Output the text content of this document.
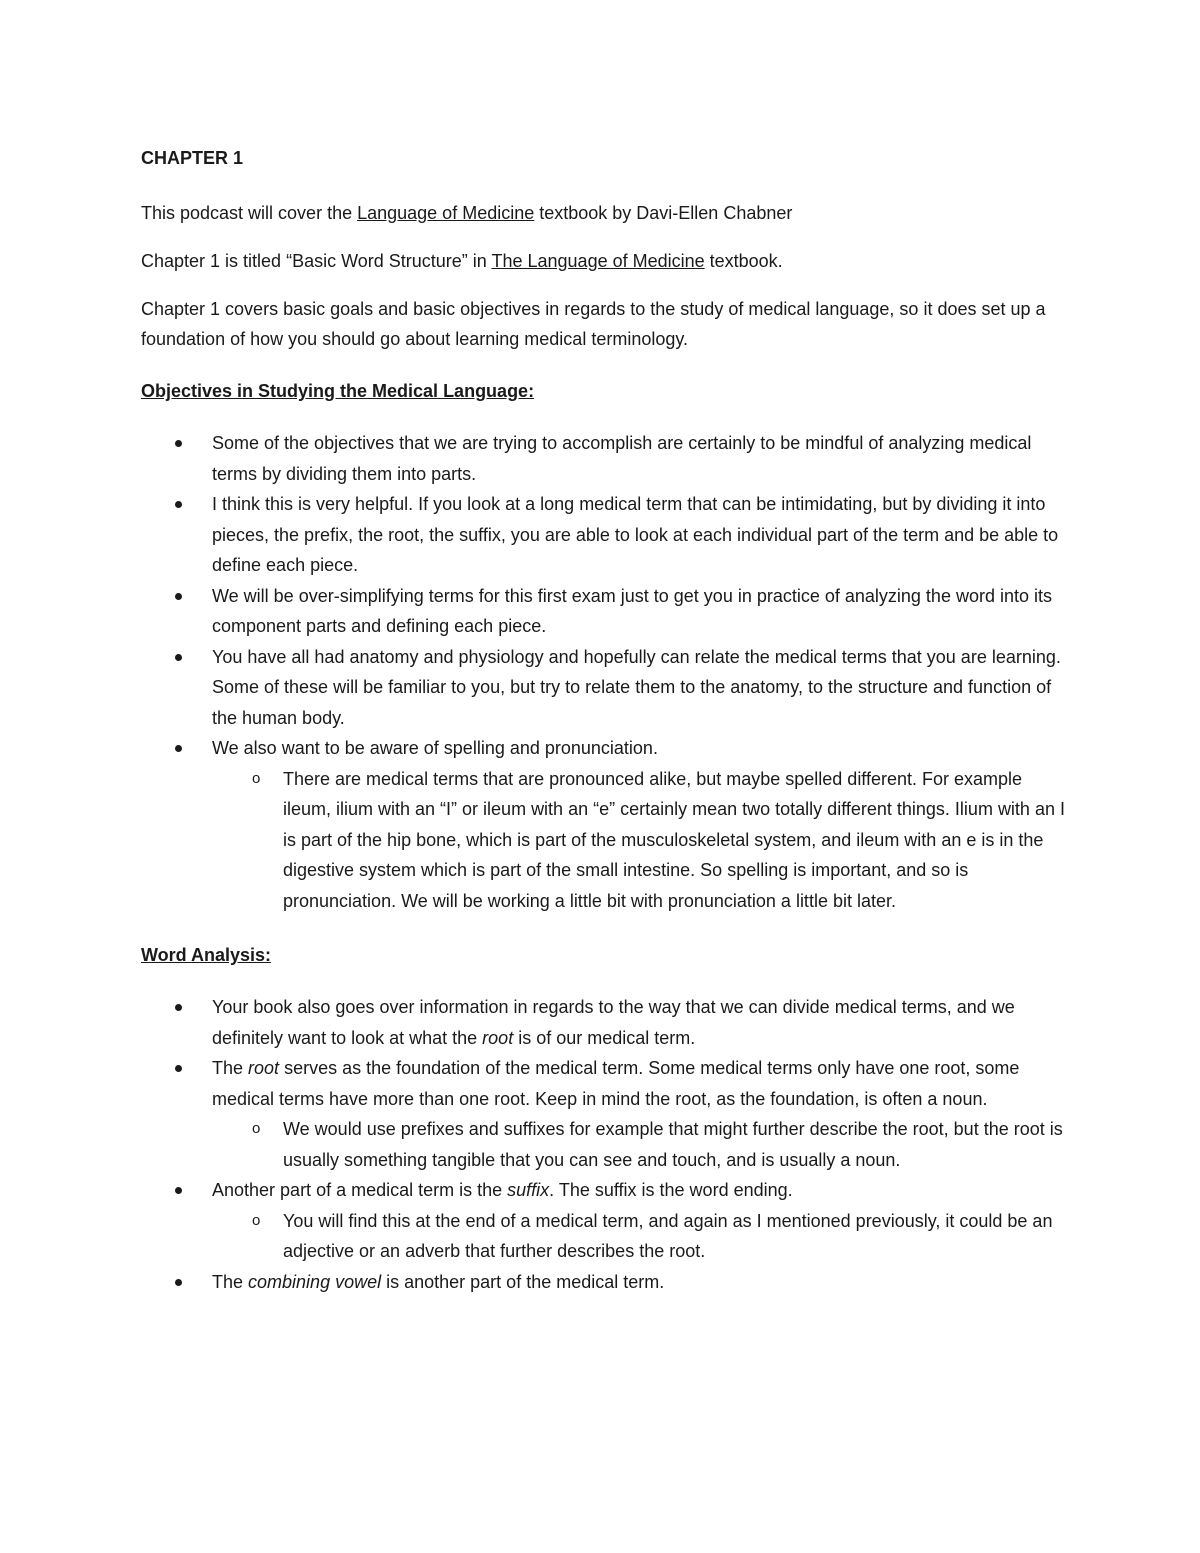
CHAPTER 1

This podcast will cover the Language of Medicine textbook by Davi-Ellen Chabner

Chapter 1 is titled “Basic Word Structure” in The Language of Medicine textbook.

Chapter 1 covers basic goals and basic objectives in regards to the study of medical language, so it does set up a foundation of how you should go about learning medical terminology.

Objectives in Studying the Medical Language:
Some of the objectives that we are trying to accomplish are certainly to be mindful of analyzing medical terms by dividing them into parts.
I think this is very helpful. If you look at a long medical term that can be intimidating, but by dividing it into pieces, the prefix, the root, the suffix, you are able to look at each individual part of the term and be able to define each piece.
We will be over-simplifying terms for this first exam just to get you in practice of analyzing the word into its component parts and defining each piece.
You have all had anatomy and physiology and hopefully can relate the medical terms that you are learning. Some of these will be familiar to you, but try to relate them to the anatomy, to the structure and function of the human body.
We also want to be aware of spelling and pronunciation.
o There are medical terms that are pronounced alike, but maybe spelled different. For example ileum, ilium with an “I” or ileum with an “e” certainly mean two totally different things. Ilium with an I is part of the hip bone, which is part of the musculoskeletal system, and ileum with an e is in the digestive system which is part of the small intestine. So spelling is important, and so is pronunciation. We will be working a little bit with pronunciation a little bit later.
Word Analysis:
Your book also goes over information in regards to the way that we can divide medical terms, and we definitely want to look at what the root is of our medical term.
The root serves as the foundation of the medical term. Some medical terms only have one root, some medical terms have more than one root. Keep in mind the root, as the foundation, is often a noun.
o We would use prefixes and suffixes for example that might further describe the root, but the root is usually something tangible that you can see and touch, and is usually a noun.
Another part of a medical term is the suffix. The suffix is the word ending.
o You will find this at the end of a medical term, and again as I mentioned previously, it could be an adjective or an adverb that further describes the root.
The combining vowel is another part of the medical term.
